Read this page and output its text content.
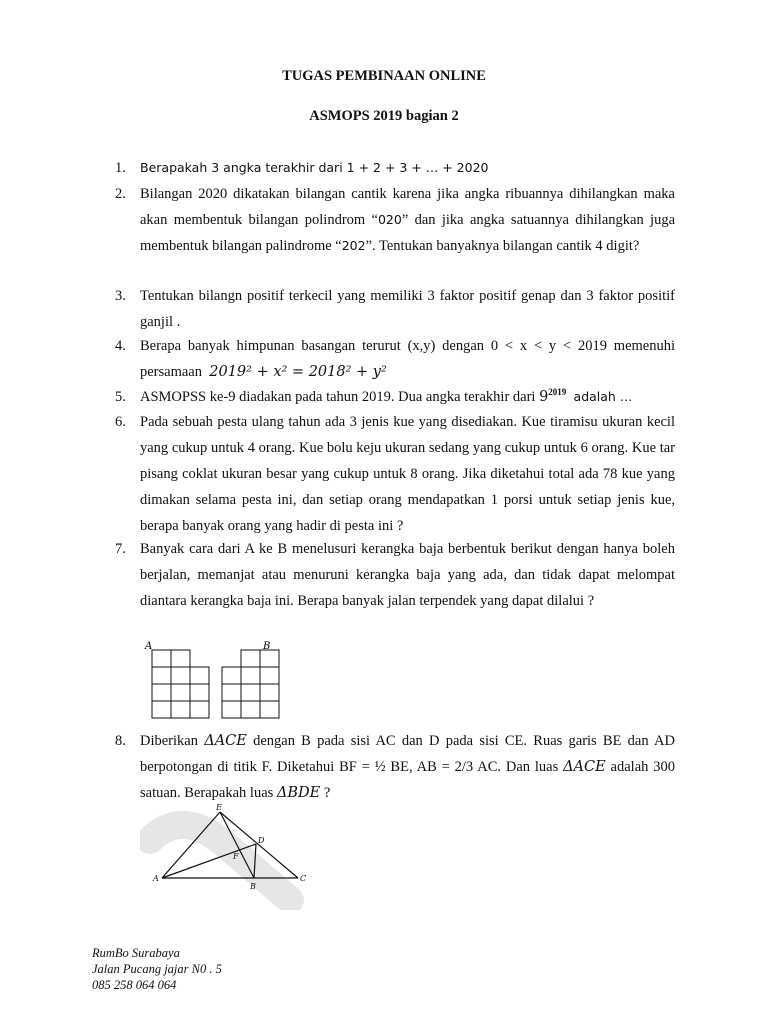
TUGAS PEMBINAAN ONLINE
ASMOPS 2019 bagian 2
1.	Berapakah 3 angka terakhir dari 1 + 2 + 3 + … + 2020
2. Bilangan 2020 dikatakan bilangan cantik karena jika angka ribuannya dihilangkan maka akan membentuk bilangan polindrom “020” dan jika angka satuannya dihilangkan juga membentuk bilangan palindrome “202”. Tentukan banyaknya bilangan cantik 4 digit?
3. Tentukan bilangn positif terkecil yang memiliki 3 faktor positif genap dan 3 faktor positif ganjil .
4. Berapa banyak himpunan basangan terurut (x,y) dengan 0 < x < y < 2019 memenuhi persamaan 2019² + x² = 2018² + y²
5. ASMOPSS ke-9 diadakan pada tahun 2019. Dua angka terakhir dari $9^{2019}$ adalah …
6. Pada sebuah pesta ulang tahun ada 3 jenis kue yang disediakan. Kue tiramisu ukuran kecil yang cukup untuk 4 orang. Kue bolu keju ukuran sedang yang cukup untuk 6 orang. Kue tar pisang coklat ukuran besar yang cukup untuk 8 orang. Jika diketahui total ada 78 kue yang dimakan selama pesta ini, dan setiap orang mendapatkan 1 porsi untuk setiap jenis kue, berapa banyak orang yang hadir di pesta ini ?
7. Banyak cara dari A ke B menelusuri kerangka baja berbentuk berikut dengan hanya boleh berjalan, memanjat atau menuruni kerangka baja yang ada, dan tidak dapat melompat diantara kerangka baja ini. Berapa banyak jalan terpendek yang dapat dilalui ?
A	B
8. Diberikan ΔACE dengan B pada sisi AC dan D pada sisi CE. Ruas garis BE dan AD berpotongan di titik F. Diketahui BF = ½ BE, AB = 2/3 AC. Dan luas ΔACE adalah 300 satuan. Berapakah luas ΔBDE ?
E
D
F
A
B
C
RumBo Surabaya
Jalan Pucang jajar N0 . 5
085 258 064 064
